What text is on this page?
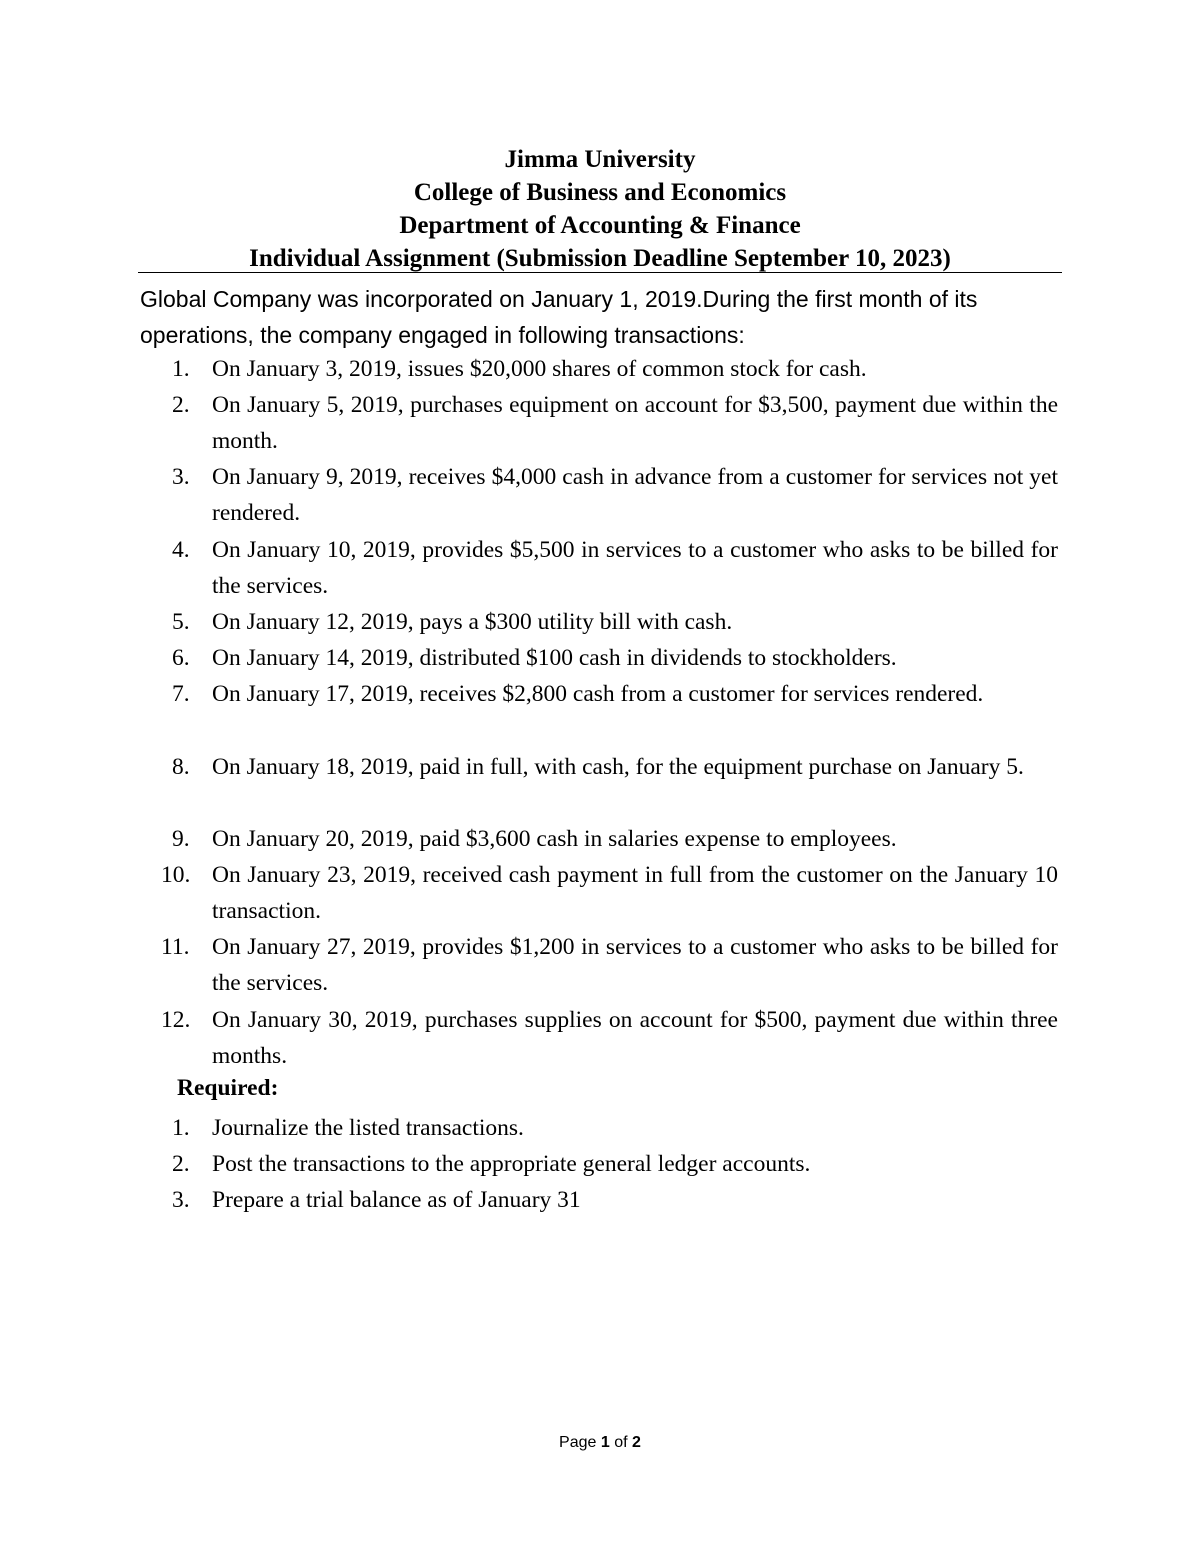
Jimma University
College of Business and Economics
Department of Accounting & Finance
Individual Assignment (Submission Deadline September 10, 2023)
Global Company was incorporated on January 1, 2019.During the first month of its
operations, the company engaged in following transactions:
1. On January 3, 2019, issues $20,000 shares of common stock for cash.
2. On January 5, 2019, purchases equipment on account for $3,500, payment due within the month.
3. On January 9, 2019, receives $4,000 cash in advance from a customer for services not yet rendered.
4. On January 10, 2019, provides $5,500 in services to a customer who asks to be billed for the services.
5. On January 12, 2019, pays a $300 utility bill with cash.
6. On January 14, 2019, distributed $100 cash in dividends to stockholders.
7. On January 17, 2019, receives $2,800 cash from a customer for services rendered.
8. On January 18, 2019, paid in full, with cash, for the equipment purchase on January 5.
9. On January 20, 2019, paid $3,600 cash in salaries expense to employees.
10. On January 23, 2019, received cash payment in full from the customer on the January 10 transaction.
11. On January 27, 2019, provides $1,200 in services to a customer who asks to be billed for the services.
12. On January 30, 2019, purchases supplies on account for $500, payment due within three months.
Required:
1. Journalize the listed transactions.
2. Post the transactions to the appropriate general ledger accounts.
3. Prepare a trial balance as of January 31
Page 1 of 2
